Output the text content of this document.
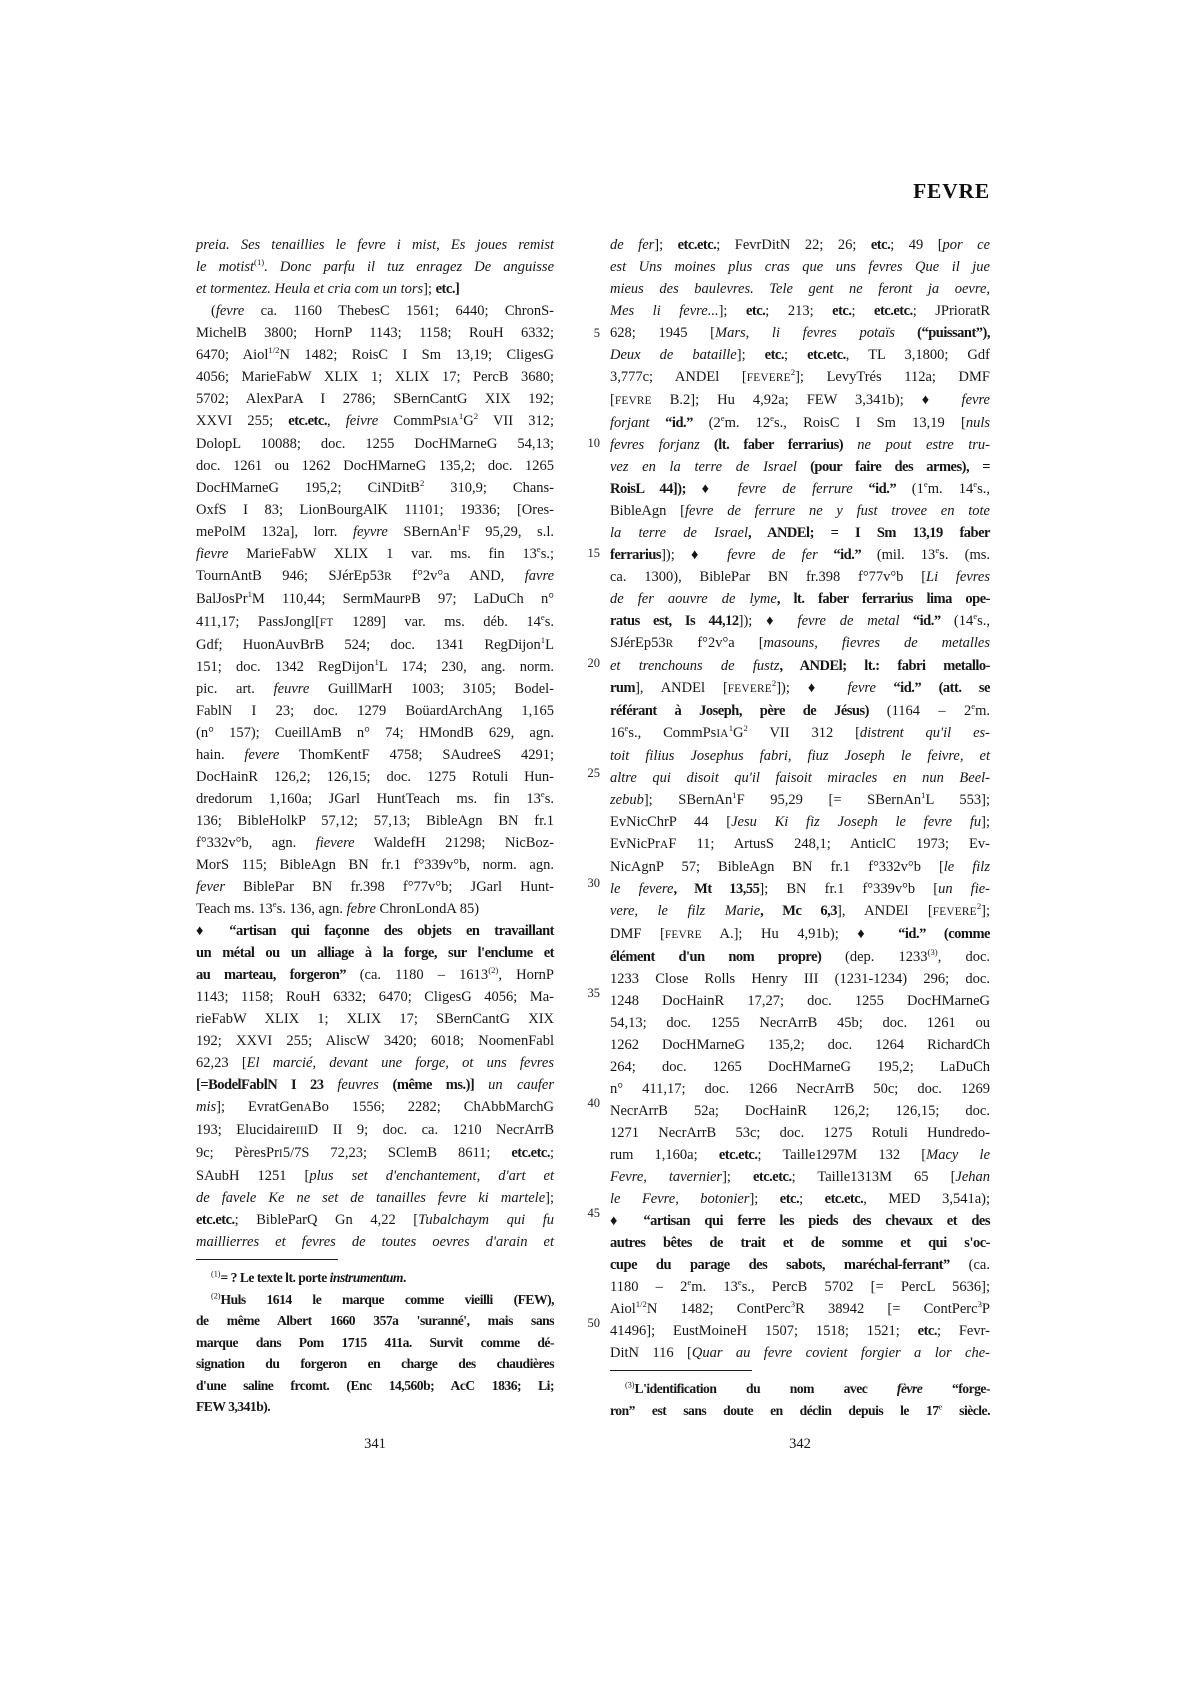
FEVRE
preia. Ses tenaillies le fevre i mist, Es joues remist
le motist$^{(1)}$. Donc parfu il tuz enragez De anguisse
et tormentez. Heula et cria com un tors]; etc.]
(fevre ca. 1160 ThebesC 1561; 6440; ChronS-
MichelB 3800; HornP 1143; 1158; RouH 6332;
6470; Aiol$^{1/2}$N 1482; RoisC I Sm 13,19; CligesG
4056; MarieFabW XLIX 1; XLIX 17; PercB 3680;
5702; AlexParA I 2786; SBernCantG XIX 192;
XXVI 255; etc.etc., feivre $CommPsIA^1G^2$ VII 312;
DolopL 10088; doc. 1255 DocHMarneG 54,13;
doc. 1261 ou 1262 DocHMarneG 135,2; doc. 1265
DocHMarneG 195,2; CiNDitB$^2$ 310,9; Chans-
OxfS I 83; LionBourgAlK 11101; 19336; [Ores-
mePolM 132a], lorr. feyvre SBernAn$^1$F 95,29, s.l.
fievre MarieFabW XLIX 1 var. ms. fin 13es.;
TournAntB 946; SJérEp53R f°2v°a AND, favre
BalJosPr$^1$M 110,44; SermMaurPB 97; LaDuCh n°
411,17; PassJongl[FT 1289] var. ms. déb. 14es.
Gdf; HuonAuvBrB 524; doc. 1341 RegDijon$^1$L
151; doc. 1342 RegDijon$^1$L 174; 230, ang. norm.
pic. art. feuvre GuillMarH 1003; 3105; Bodel-
FablN I 23; doc. 1279 BoüardArchAng 1,165
(n° 157); CueillAmB n° 74; HMondB 629, agn.
hain. fevere ThomKentF 4758; SAudreeS 4291;
DocHainR 126,2; 126,15; doc. 1275 Rotuli Hun-
dredorum 1,160a; JGarl HuntTeach ms. fin 13es.
136; BibleHolkP 57,12; 57,13; BibleAgn BN fr.1
f°332v°b, agn. fievere WaldefH 21298; NicBoz-
MorS 115; BibleAgn BN fr.1 f°339v°b, norm. agn.
fever BiblePar BN fr.398 f°77v°b; JGarl Hunt-
Teach ms. 13es. 136, agn. febre ChronLondA 85)
♦ “artisan qui façonne des objets en travaillant
un métal ou un alliage à la forge, sur l'enclume et
au marteau, forgeron” (ca. 1180 – 1613$^{(2)}$, HornP
1143; 1158; RouH 6332; 6470; CligesG 4056; Ma-
rieFabW XLIX 1; XLIX 17; SBernCantG XIX
192; XXVI 255; AliscW 3420; 6018; NoomenFabl
62,23 [El marcié, devant une forge, ot uns fevres
[=BodelFablN I 23 feuvres (même ms.)] un caufer
mis]; EvratGenABo 1556; 2282; ChAbbMarchG
193; ElucidaireIIID II 9; doc. ca. 1210 NecrArrB
9c; PèresPrI5/7S 72,23; SClemB 8611; etc.etc.;
SAubH 1251 [plus set d'enchantement, d'art et
de favele Ke ne set de tanailles fevre ki martele];
etc.etc.; BibleParQ Gn 4,22 [Tubalchaym qui fu
maillierres et fevres de toutes oevres d'arain et
$^{(1)}$= ? Le texte lt. porte instrumentum.
$^{(2)}$Huls 1614 le marque comme vieilli (FEW),
de même Albert 1660 357a 'suranné', mais sans
marque dans Pom 1715 411a. Survit comme dé-
signation du forgeron en charge des chaudières
d'une saline frcomt. (Enc 14,560b; AcC 1836; Li;
FEW 3,341b).
de fer]; etc.etc.; FevrDitN 22; 26; etc.; 49 [por ce
est Uns moines plus cras que uns fevres Que il jue
mieus des baulevres. Tele gent ne feront ja oevre,
Mes li fevre...]; etc.; 213; etc.; etc.etc.; JPrioratR
628; 1945 [Mars, li fevres potaïs (“puissant”),
Deux de bataille]; etc.; etc.etc., TL 3,1800; Gdf
3,777c; ANDEl [FEVERE$^2$]; LevyTrés 112a; DMF
[FEVRE B.2]; Hu 4,92a; FEW 3,341b); ♦ fevre
forjant “id.” (2em. 12es., RoisC I Sm 13,19 [nuls
fevres forjanz (lt. faber ferrarius) ne pout estre tru-
vez en la terre de Israel (pour faire des armes), =
RoisL 44]); ♦ fevre de ferrure “id.” (1em. 14es.,
BibleAgn [fevre de ferrure ne y fust trovee en tote
la terre de Israel, ANDEl; = I Sm 13,19 faber
ferrarius]); ♦ fevre de fer “id.” (mil. 13es. (ms.
ca. 1300), BiblePar BN fr.398 f°77v°b [Li fevres
de fer aouvre de lyme, lt. faber ferrarius lima ope-
ratus est, Is 44,12]); ♦ fevre de metal “id.” (14es.,
SJérEp53R f°2v°a [masouns, fievres de metalles
et trenchouns de fustz, ANDEl; lt.: fabri metallo-
rum], ANDEl [FEVERE$^2$]); ♦ fevre “id.” (att. se
référant à Joseph, père de Jésus) (1164 – 2em.
16es., $CommPsIA^1G^2$ VII 312 [distrent qu'il es-
toit filius Josephus fabri, fiuz Joseph le feivre, et
altre qui disoit qu'il faisoit miracles en nun Beel-
zebub]; SBernAn$^1$F 95,29 [= SBernAn$^1$L 553];
EvNicChrP 44 [Jesu Ki fiz Joseph le fevre fu];
EvNicPrAF 11; ArtusS 248,1; AnticlC 1973; Ev-
NicAgnP 57; BibleAgn BN fr.1 f°332v°b [le filz
le fevere, Mt 13,55]; BN fr.1 f°339v°b [un fie-
vere, le filz Marie, Mc 6,3], ANDEl [FEVERE$^2$];
DMF [FEVRE A.]; Hu 4,91b); ♦ “id.” (comme
élément d'un nom propre) (dep. 1233$^{(3)}$, doc.
1233 Close Rolls Henry III (1231-1234) 296; doc.
1248 DocHainR 17,27; doc. 1255 DocHMarneG
54,13; doc. 1255 NecrArrB 45b; doc. 1261 ou
1262 DocHMarneG 135,2; doc. 1264 RichardCh
264; doc. 1265 DocHMarneG 195,2; LaDuCh
n° 411,17; doc. 1266 NecrArrB 50c; doc. 1269
NecrArrB 52a; DocHainR 126,2; 126,15; doc.
1271 NecrArrB 53c; doc. 1275 Rotuli Hundredo-
rum 1,160a; etc.etc.; Taille1297M 132 [Macy le
Fevre, tavernier]; etc.etc.; Taille1313M 65 [Jehan
le Fevre, botonier]; etc.; etc.etc., MED 3,541a);
♦ “artisan qui ferre les pieds des chevaux et des
autres bêtes de trait et de somme et qui s'oc-
cupe du parage des sabots, maréchal-ferrant” (ca.
1180 – 2em. 13es., PercB 5702 [= PercL 5636];
Aiol$^{1/2}$N 1482; ContPerc$^3$R 38942 [= ContPerc$^3$P
41496]; EustMoineH 1507; 1518; 1521; etc.; Fevr-
DitN 116 [Quar au fevre covient forgier a lor che-
$^{(3)}$L'identification du nom avec fèvre “forge-
ron” est sans doute en déclin depuis le 17e siècle.
5
10
15
20
25
30
35
40
45
50
341	342
